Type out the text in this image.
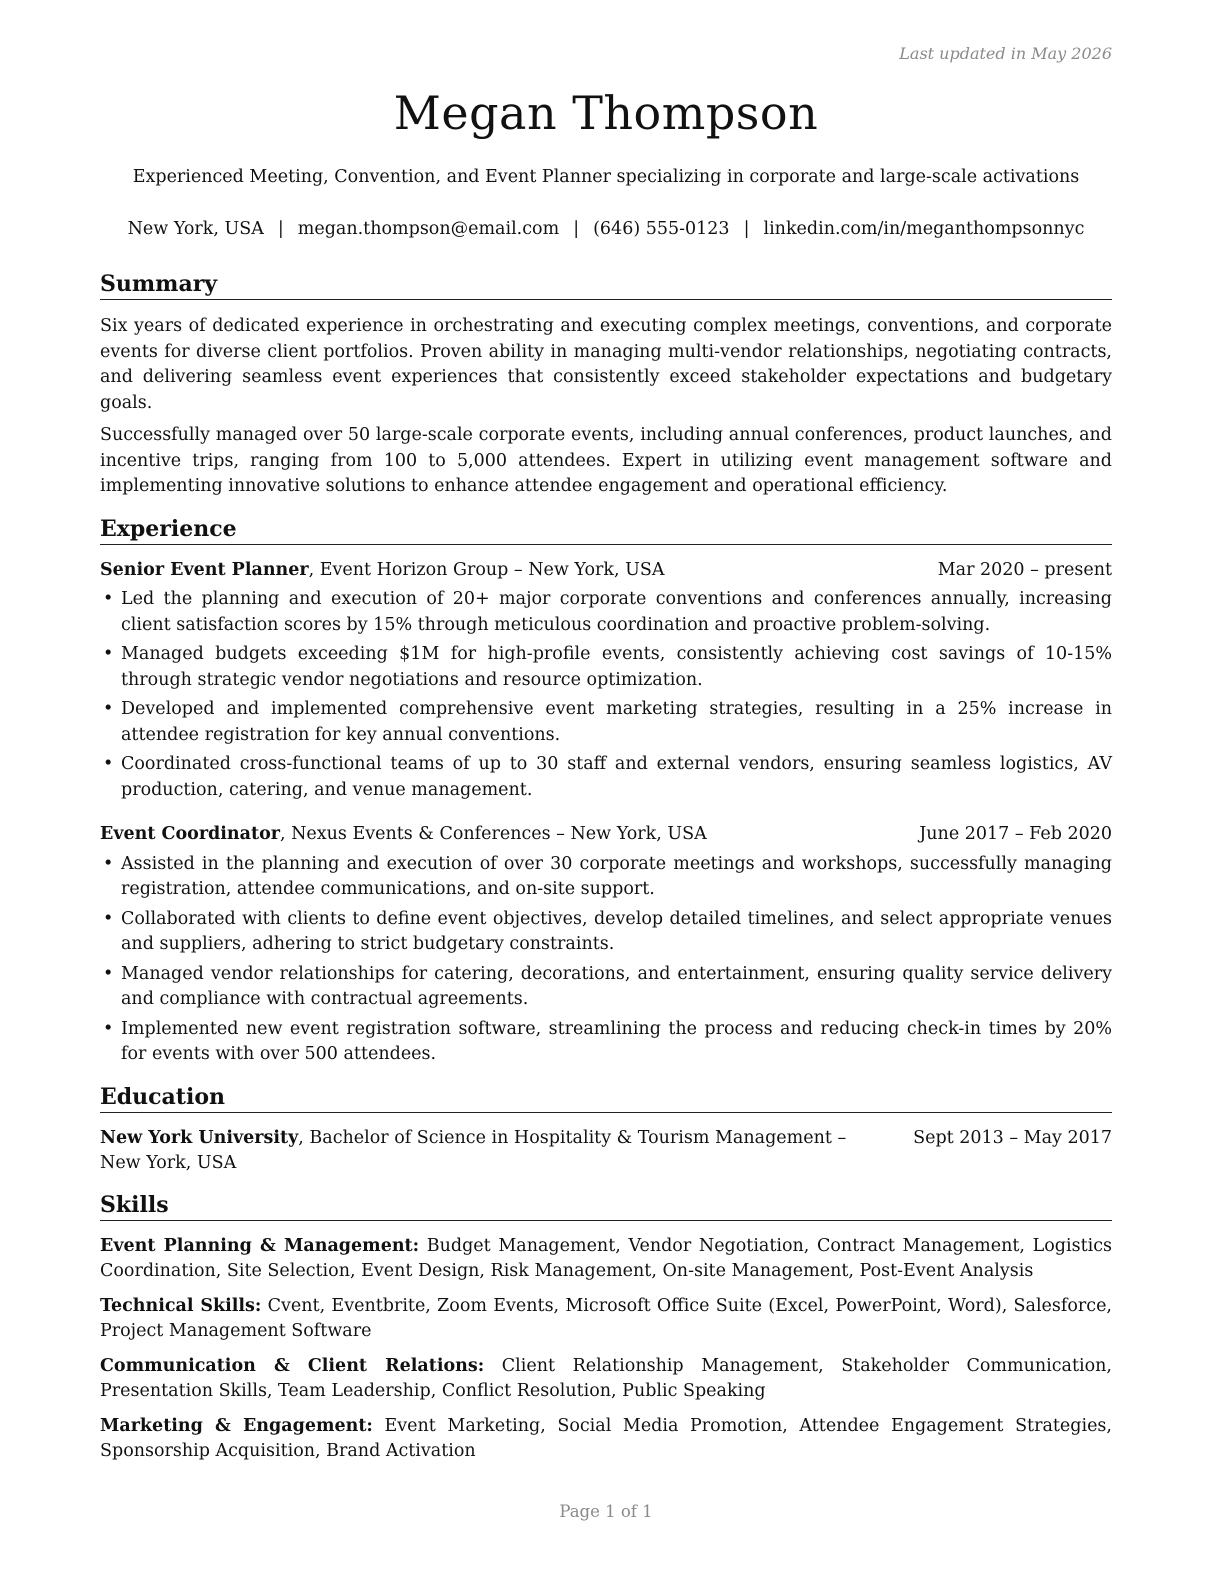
Last updated in May 2026
Megan Thompson
Experienced Meeting, Convention, and Event Planner specializing in corporate and large-scale activations
New York, USA | megan.thompson@email.com | (646) 555-0123 | linkedin.com/in/meganthompsonnyc
Summary

Six years of dedicated experience in orchestrating and executing complex meetings, conventions, and corporate events for diverse client portfolios. Proven ability in managing multi-vendor relationships, negotiating contracts, and delivering seamless event experiences that consistently exceed stakeholder expectations and budgetary goals.

Successfully managed over 50 large-scale corporate events, including annual conferences, product launches, and incentive trips, ranging from 100 to 5,000 attendees. Expert in utilizing event management software and implementing innovative solutions to enhance attendee engagement and operational efficiency.

Experience
Senior Event Planner, Event Horizon Group – New York, USA	Mar 2020 – present
• Led the planning and execution of 20+ major corporate conventions and conferences annually, increasing client satisfaction scores by 15% through meticulous coordination and proactive problem-solving.
• Managed budgets exceeding $1M for high-profile events, consistently achieving cost savings of 10-15% through strategic vendor negotiations and resource optimization.
• Developed and implemented comprehensive event marketing strategies, resulting in a 25% increase in attendee registration for key annual conventions.
• Coordinated cross-functional teams of up to 30 staff and external vendors, ensuring seamless logistics, AV production, catering, and venue management.
Event Coordinator, Nexus Events & Conferences – New York, USA	June 2017 – Feb 2020
• Assisted in the planning and execution of over 30 corporate meetings and workshops, successfully managing registration, attendee communications, and on-site support.
• Collaborated with clients to define event objectives, develop detailed timelines, and select appropriate venues and suppliers, adhering to strict budgetary constraints.
• Managed vendor relationships for catering, decorations, and entertainment, ensuring quality service delivery and compliance with contractual agreements.
• Implemented new event registration software, streamlining the process and reducing check-in times by 20% for events with over 500 attendees.
Education
New York University, Bachelor of Science in Hospitality & Tourism Management – New York, USA
Sept 2013 – May 2017
Skills

Event Planning & Management: Budget Management, Vendor Negotiation, Contract Management, Logistics Coordination, Site Selection, Event Design, Risk Management, On-site Management, Post-Event Analysis

Technical Skills: Cvent, Eventbrite, Zoom Events, Microsoft Office Suite (Excel, PowerPoint, Word), Salesforce, Project Management Software

Communication & Client Relations: Client Relationship Management, Stakeholder Communication, Presentation Skills, Team Leadership, Conflict Resolution, Public Speaking

Marketing & Engagement: Event Marketing, Social Media Promotion, Attendee Engagement Strategies, Sponsorship Acquisition, Brand Activation

Page 1 of 1
